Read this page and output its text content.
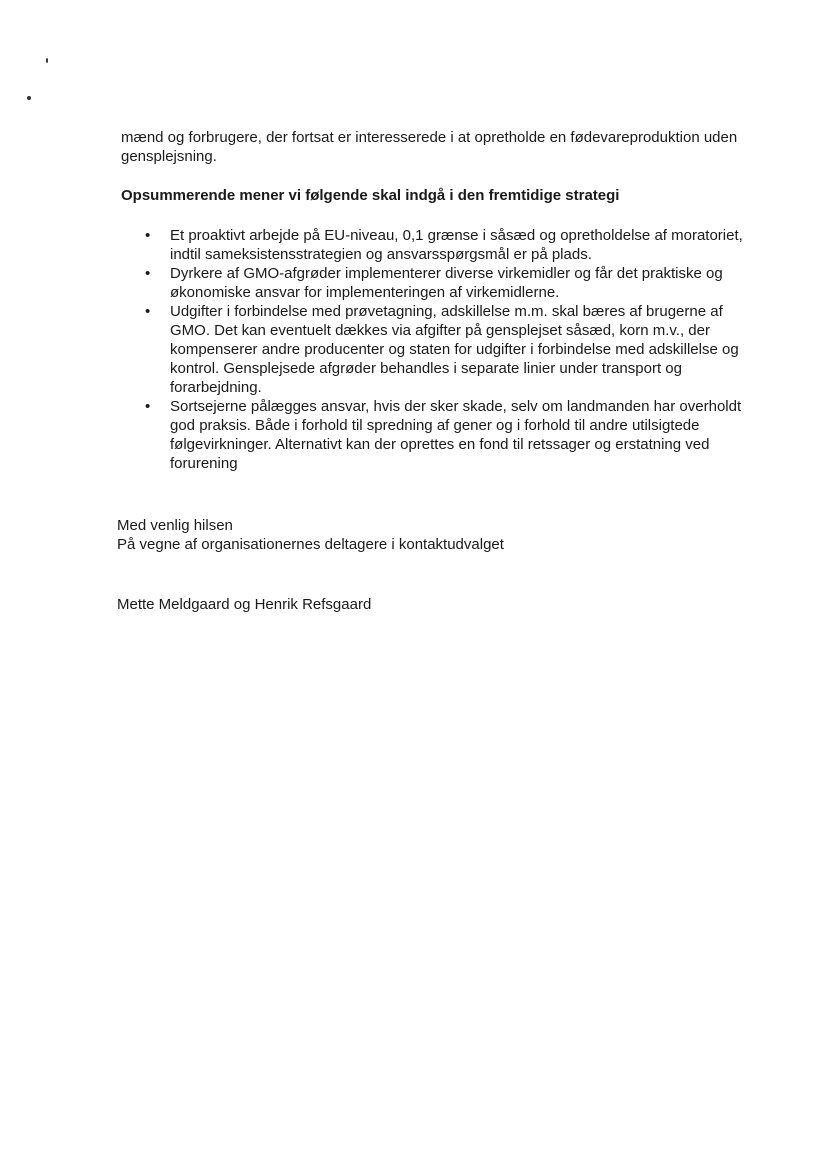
mænd og forbrugere, der fortsat er interesserede i at opretholde en fødevareproduktion uden gensplejsning.

Opsummerende mener vi følgende skal indgå i den fremtidige strategi

• Et proaktivt arbejde på EU-niveau, 0,1 grænse i såsæd og opretholdelse af moratoriet, indtil sameksistensstrategien og ansvarsspørgsmål er på plads.
• Dyrkere af GMO-afgrøder implementerer diverse virkemidler og får det praktiske og økonomiske ansvar for implementeringen af virkemidlerne.
• Udgifter i forbindelse med prøvetagning, adskillelse m.m. skal bæres af brugerne af GMO. Det kan eventuelt dækkes via afgifter på gensplejset såsæd, korn m.v., der kompenserer andre producenter og staten for udgifter i forbindelse med adskillelse og kontrol. Gensplejsede afgrøder behandles i separate linier under transport og forarbejdning.
• Sortsejerne pålægges ansvar, hvis der sker skade, selv om landmanden har overholdt god praksis. Både i forhold til spredning af gener og i forhold til andre utilsigtede følgevirkninger. Alternativt kan der oprettes en fond til retssager og erstatning ved forurening

Med venlig hilsen
På vegne af organisationernes deltagere i kontaktudvalget

Mette Meldgaard og Henrik Refsgaard
